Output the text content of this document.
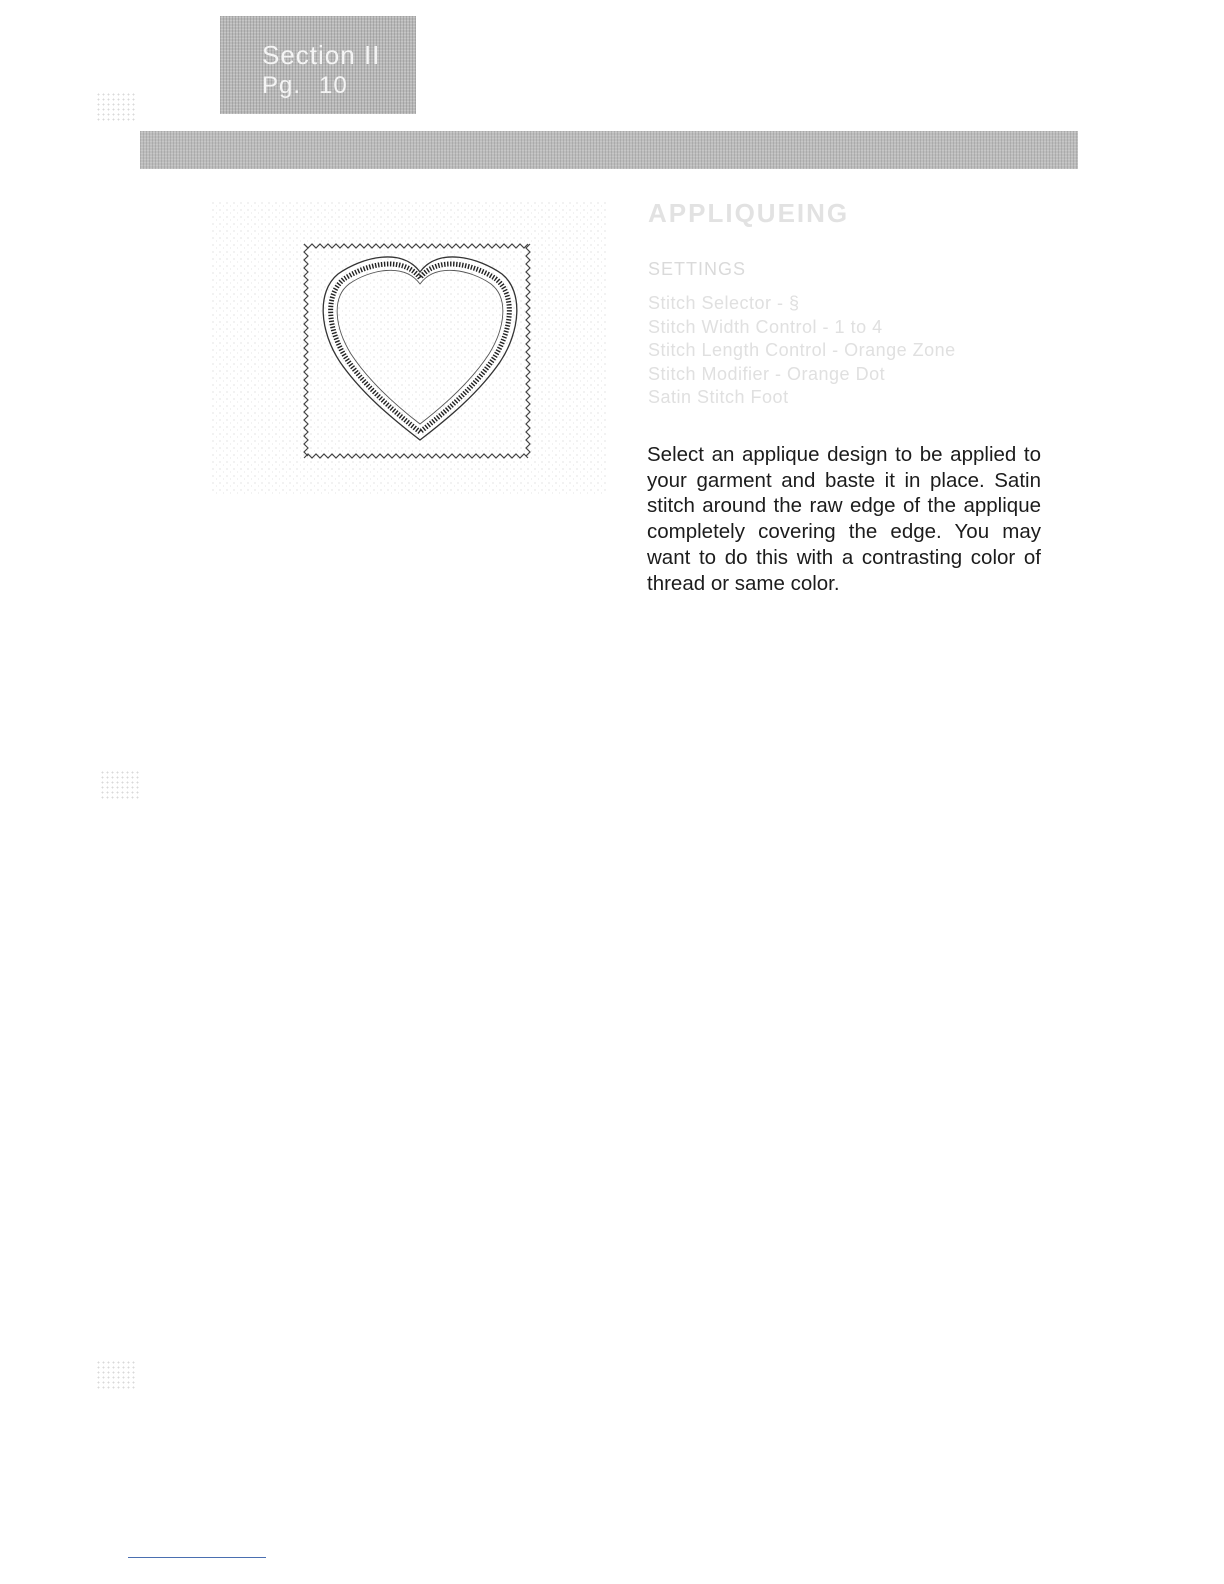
Section II
Pg. 10
APPLIQUEING
SETTINGS
Stitch Selector - §
Stitch Width Control - 1 to 4
Stitch Length Control - Orange Zone
Stitch Modifier - Orange Dot
Satin Stitch Foot

Select an applique design to be applied to your garment and baste it in place. Satin stitch around the raw edge of the applique completely covering the edge. You may want to do this with a contrasting color of thread or same color.
